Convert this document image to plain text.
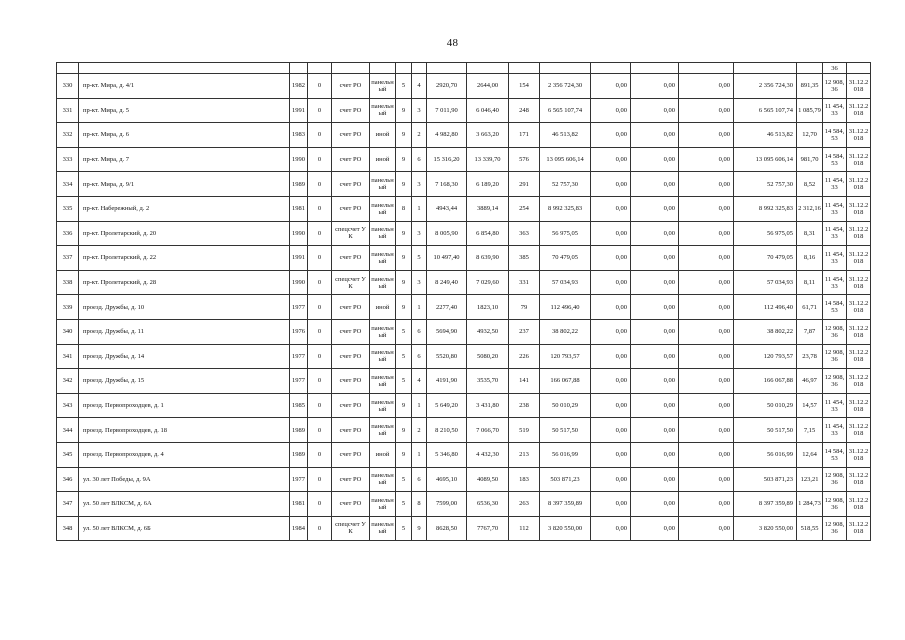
48
																	36	

330	пр-кт. Мира, д. 4/1	1982	0	счет РО	панельный	5	4	2920,70	2644,00	154	2 356 724,30	0,00	0,00	0,00	2 356 724,30	891,35	12 908,36	31.12.2018

331	пр-кт. Мира, д. 5	1991	0	счет РО	панельный	9	3	7 011,90	6 046,40	248	6 565 107,74	0,00	0,00	0,00	6 565 107,74	1 085,79	11 454,33	31.12.2018

332	пр-кт. Мира, д. 6	1983	0	счет РО	иной	9	2	4 982,80	3 663,20	171	46 513,82	0,00	0,00	0,00	46 513,82	12,70	14 584,53	31.12.2018

333	пр-кт. Мира, д. 7	1990	0	счет РО	иной	9	6	15 316,20	13 339,70	576	13 095 606,14	0,00	0,00	0,00	13 095 606,14	981,70	14 584,53	31.12.2018

334	пр-кт. Мира, д. 9/1	1989	0	счет РО	панельный	9	3	7 168,30	6 189,20	291	52 757,30	0,00	0,00	0,00	52 757,30	8,52	11 454,33	31.12.2018

335	пр-кт. Набережный, д. 2	1981	0	счет РО	панельный	8	1	4943,44	3889,14	254	8 992 325,83	0,00	0,00	0,00	8 992 325,83	2 312,16	11 454,33	31.12.2018

336	пр-кт. Пролетарский, д. 20	1990	0	спецсчет УК	панельный	9	3	8 005,90	6 854,80	363	56 975,05	0,00	0,00	0,00	56 975,05	8,31	11 454,33	31.12.2018

337	пр-кт. Пролетарский, д. 22	1991	0	счет РО	панельный	9	5	10 497,40	8 639,90	385	70 479,05	0,00	0,00	0,00	70 479,05	8,16	11 454,33	31.12.2018

338	пр-кт. Пролетарский, д. 28	1990	0	спецсчет УК	панельный	9	3	8 249,40	7 029,60	331	57 034,93	0,00	0,00	0,00	57 034,93	8,11	11 454,33	31.12.2018

339	проезд. Дружбы, д. 10	1977	0	счет РО	иной	9	1	2277,40	1823,10	79	112 496,40	0,00	0,00	0,00	112 496,40	61,71	14 584,53	31.12.2018

340	проезд. Дружбы, д. 11	1976	0	счет РО	панельный	5	6	5694,90	4932,50	237	38 802,22	0,00	0,00	0,00	38 802,22	7,87	12 908,36	31.12.2018

341	проезд. Дружбы, д. 14	1977	0	счет РО	панельный	5	6	5520,80	5080,20	226	120 793,57	0,00	0,00	0,00	120 793,57	23,78	12 908,36	31.12.2018

342	проезд. Дружбы, д. 15	1977	0	счет РО	панельный	5	4	4191,90	3535,70	141	166 067,88	0,00	0,00	0,00	166 067,88	46,97	12 908,36	31.12.2018

343	проезд. Первопроходцев, д. 1	1985	0	счет РО	панельный	9	1	5 649,20	3 431,80	238	50 010,29	0,00	0,00	0,00	50 010,29	14,57	11 454,33	31.12.2018

344	проезд. Первопроходцев, д. 18	1989	0	счет РО	панельный	9	2	8 210,50	7 066,70	519	50 517,50	0,00	0,00	0,00	50 517,50	7,15	11 454,33	31.12.2018

345	проезд. Первопроходцев, д. 4	1989	0	счет РО	иной	9	1	5 346,80	4 432,30	213	56 016,99	0,00	0,00	0,00	56 016,99	12,64	14 584,53	31.12.2018

346	ул. 30 лет Победы, д. 9А	1977	0	счет РО	панельный	5	6	4695,10	4089,50	183	503 871,23	0,00	0,00	0,00	503 871,23	123,21	12 908,36	31.12.2018

347	ул. 50 лет ВЛКСМ, д. 6А	1981	0	счет РО	панельный	5	8	7599,00	6536,30	263	8 397 359,89	0,00	0,00	0,00	8 397 359,89	1 284,73	12 908,36	31.12.2018

348	ул. 50 лет ВЛКСМ, д. 6Б	1984	0	спецсчет УК	панельный	5	9	8628,50	7767,70	112	3 820 550,00	0,00	0,00	0,00	3 820 550,00	518,55	12 908,36	31.12.2018
